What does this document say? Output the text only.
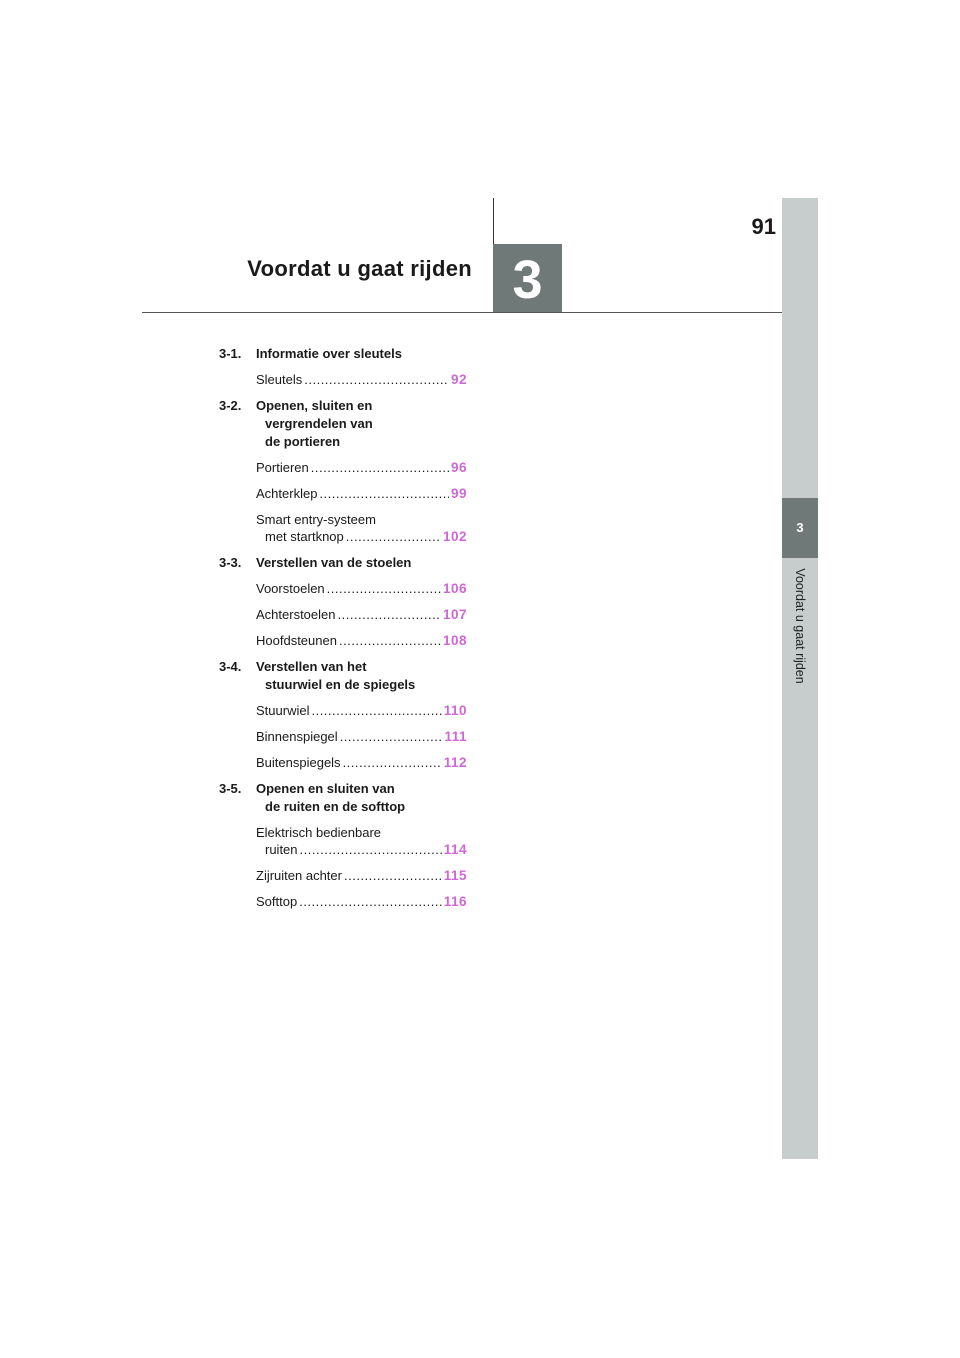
91
Voordat u gaat rijden 3
3
Voordat u gaat rijden
3-1.	Informatie over sleutels
Sleutels .....	92
3-2.	Openen, sluiten en
vergrendelen van
de portieren
Portieren .....	96
Achterklep .....	99
Smart entry-systeem
met startknop .....	102
3-3.	Verstellen van de stoelen
Voorstoelen .....	106
Achterstoelen .....	107
Hoofdsteunen .....	108
3-4.	Verstellen van het
stuurwiel en de spiegels
Stuurwiel .....	110
Binnenspiegel .....	111
Buitenspiegels .....	112
3-5.	Openen en sluiten van
de ruiten en de softtop
Elektrisch bedienbare
ruiten .....	114
Zijruiten achter .....	115
Softtop .....	116
